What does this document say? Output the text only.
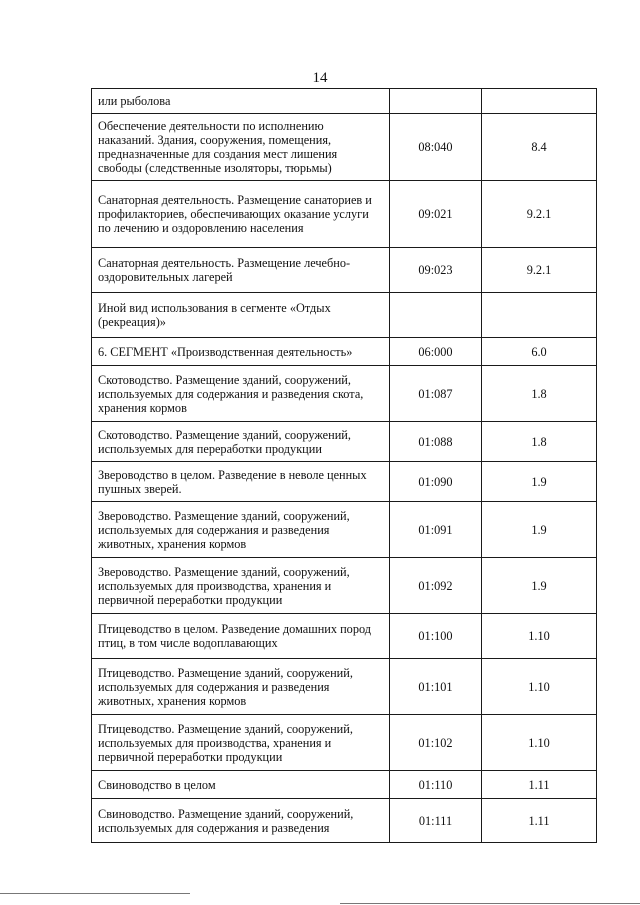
14
или рыболова		
Обеспечение деятельности по исполнению наказаний. Здания, сооружения, помещения, предназначенные для создания мест лишения свободы (следственные изоляторы, тюрьмы)	08:040	8.4
Санаторная деятельность. Размещение санаториев и профилакториев, обеспечивающих оказание услуги по лечению и оздоровлению населения	09:021	9.2.1
Санаторная деятельность. Размещение лечебно-оздоровительных лагерей	09:023	9.2.1
Иной вид использования в сегменте «Отдых (рекреация)»		
6. СЕГМЕНТ «Производственная деятельность»	06:000	6.0
Скотоводство. Размещение зданий, сооружений, используемых для содержания и разведения скота, хранения кормов	01:087	1.8
Скотоводство. Размещение зданий, сооружений, используемых для переработки продукции	01:088	1.8
Звероводство в целом. Разведение в неволе ценных пушных зверей.	01:090	1.9
Звероводство. Размещение зданий, сооружений, используемых для содержания и разведения животных, хранения кормов	01:091	1.9
Звероводство. Размещение зданий, сооружений, используемых для производства, хранения и первичной переработки продукции	01:092	1.9
Птицеводство в целом. Разведение домашних пород птиц, в том числе водоплавающих	01:100	1.10
Птицеводство. Размещение зданий, сооружений, используемых для содержания и разведения животных, хранения кормов	01:101	1.10
Птицеводство. Размещение зданий, сооружений, используемых для производства, хранения и первичной переработки продукции	01:102	1.10
Свиноводство в целом	01:110	1.11
Свиноводство. Размещение зданий, сооружений, используемых для содержания и разведения	01:111	1.11
